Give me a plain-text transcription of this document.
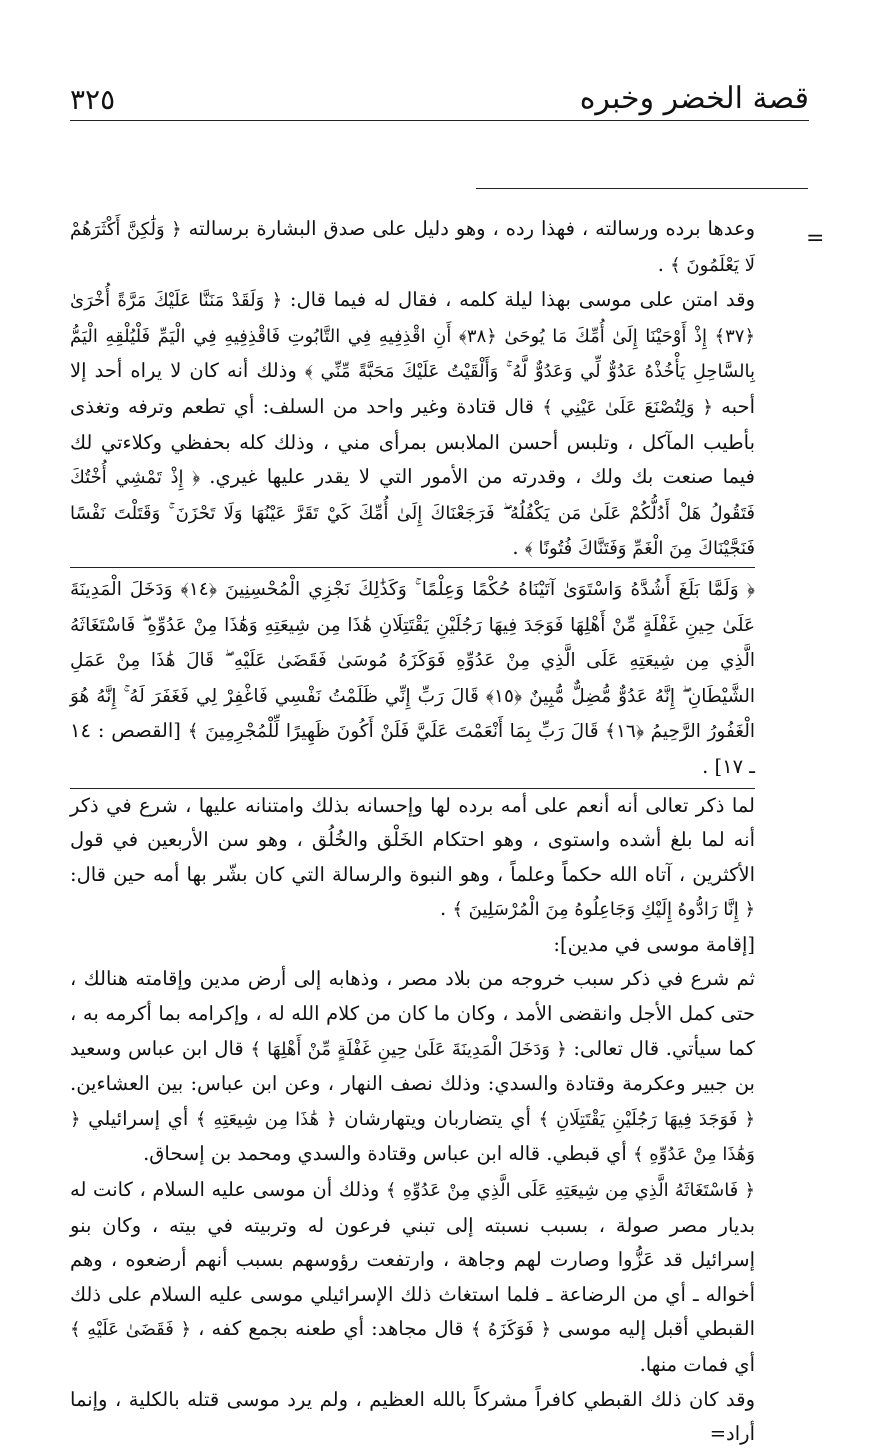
قصة الخضر وخبره
٣٢٥
=

وعدها برده ورسالته ، فهذا رده ، وهو دليل على صدق البشارة برسالته ﴿ وَلَٰكِنَّ أَكْثَرَهُمْ لَا يَعْلَمُونَ ﴾ .

وقد امتن على موسى بهذا ليلة كلمه ، فقال له فيما قال: ﴿ وَلَقَدْ مَنَنَّا عَلَيْكَ مَرَّةً أُخْرَىٰ ﴿٣٧﴾ إِذْ أَوْحَيْنَا إِلَىٰ أُمِّكَ مَا يُوحَىٰ ﴿٣٨﴾ أَنِ اقْذِفِيهِ فِي التَّابُوتِ فَاقْذِفِيهِ فِي الْيَمِّ فَلْيُلْقِهِ الْيَمُّ بِالسَّاحِلِ يَأْخُذْهُ عَدُوٌّ لِّي وَعَدُوٌّ لَّهُ ۚ وَأَلْقَيْتُ عَلَيْكَ مَحَبَّةً مِّنِّي ﴾ وذلك أنه كان لا يراه أحد إلا أحبه ﴿ وَلِتُصْنَعَ عَلَىٰ عَيْنِي ﴾ قال قتادة وغير واحد من السلف: أي تطعم وترفه وتغذى بأطيب المآكل ، وتلبس أحسن الملابس بمرأى مني ، وذلك كله بحفظي وكلاءتي لك فيما صنعت بك ولك ، وقدرته من الأمور التي لا يقدر عليها غيري. ﴿ إِذْ تَمْشِي أُخْتُكَ فَتَقُولُ هَلْ أَدُلُّكُمْ عَلَىٰ مَن يَكْفُلُهُ ۖ فَرَجَعْنَاكَ إِلَىٰ أُمِّكَ كَيْ تَقَرَّ عَيْنُهَا وَلَا تَحْزَنَ ۚ وَقَتَلْتَ نَفْسًا فَنَجَّيْنَاكَ مِنَ الْغَمِّ وَفَتَنَّاكَ فُتُونًا ﴾ .

﴿ وَلَمَّا بَلَغَ أَشُدَّهُ وَاسْتَوَىٰ آتَيْنَاهُ حُكْمًا وَعِلْمًا ۚ وَكَذَٰلِكَ نَجْزِي الْمُحْسِنِينَ ﴿١٤﴾ وَدَخَلَ الْمَدِينَةَ عَلَىٰ حِينِ غَفْلَةٍ مِّنْ أَهْلِهَا فَوَجَدَ فِيهَا رَجُلَيْنِ يَقْتَتِلَانِ هَٰذَا مِن شِيعَتِهِ وَهَٰذَا مِنْ عَدُوِّهِ ۖ فَاسْتَغَاثَهُ الَّذِي مِن شِيعَتِهِ عَلَى الَّذِي مِنْ عَدُوِّهِ فَوَكَزَهُ مُوسَىٰ فَقَضَىٰ عَلَيْهِ ۖ قَالَ هَٰذَا مِنْ عَمَلِ الشَّيْطَانِ ۖ إِنَّهُ عَدُوٌّ مُّضِلٌّ مُّبِينٌ ﴿١٥﴾ قَالَ رَبِّ إِنِّي ظَلَمْتُ نَفْسِي فَاغْفِرْ لِي فَغَفَرَ لَهُ ۚ إِنَّهُ هُوَ الْغَفُورُ الرَّحِيمُ ﴿١٦﴾ قَالَ رَبِّ بِمَا أَنْعَمْتَ عَلَيَّ فَلَنْ أَكُونَ ظَهِيرًا لِّلْمُجْرِمِينَ ﴾ [القصص : ١٤ ـ ١٧] .

لما ذكر تعالى أنه أنعم على أمه برده لها وإحسانه بذلك وامتنانه عليها ، شرع في ذكر أنه لما بلغ أشده واستوى ، وهو احتكام الخَلْق والخُلُق ، وهو سن الأربعين في قول الأكثرين ، آتاه الله حكماً وعلماً ، وهو النبوة والرسالة التي كان بشّر بها أمه حين قال: ﴿ إِنَّا رَادُّوهُ إِلَيْكِ وَجَاعِلُوهُ مِنَ الْمُرْسَلِينَ ﴾ .

[إقامة موسى في مدين]:

ثم شرع في ذكر سبب خروجه من بلاد مصر ، وذهابه إلى أرض مدين وإقامته هنالك ، حتى كمل الأجل وانقضى الأمد ، وكان ما كان من كلام الله له ، وإكرامه بما أكرمه به ، كما سيأتي. قال تعالى: ﴿ وَدَخَلَ الْمَدِينَةَ عَلَىٰ حِينِ غَفْلَةٍ مِّنْ أَهْلِهَا ﴾ قال ابن عباس وسعيد بن جبير وعكرمة وقتادة والسدي: وذلك نصف النهار ، وعن ابن عباس: بين العشاءين. ﴿ فَوَجَدَ فِيهَا رَجُلَيْنِ يَقْتَتِلَانِ ﴾ أي يتضاربان ويتهارشان ﴿ هَٰذَا مِن شِيعَتِهِ ﴾ أي إسرائيلي ﴿ وَهَٰذَا مِنْ عَدُوِّهِ ﴾ أي قبطي. قاله ابن عباس وقتادة والسدي ومحمد بن إسحاق.

﴿ فَاسْتَغَاثَهُ الَّذِي مِن شِيعَتِهِ عَلَى الَّذِي مِنْ عَدُوِّهِ ﴾ وذلك أن موسى عليه السلام ، كانت له بديار مصر صولة ، بسبب نسبته إلى تبني فرعون له وتربيته في بيته ، وكان بنو إسرائيل قد عَزُّوا وصارت لهم وجاهة ، وارتفعت رؤوسهم بسبب أنهم أرضعوه ، وهم أخواله ـ أي من الرضاعة ـ فلما استغاث ذلك الإسرائيلي موسى عليه السلام على ذلك القبطي أقبل إليه موسى ﴿ فَوَكَزَهُ ﴾ قال مجاهد: أي طعنه بجمع كفه ، ﴿ فَقَضَىٰ عَلَيْهِ ﴾ أي فمات منها.

وقد كان ذلك القبطي كافراً مشركاً بالله العظيم ، ولم يرد موسى قتله بالكلية ، وإنما أراد=
